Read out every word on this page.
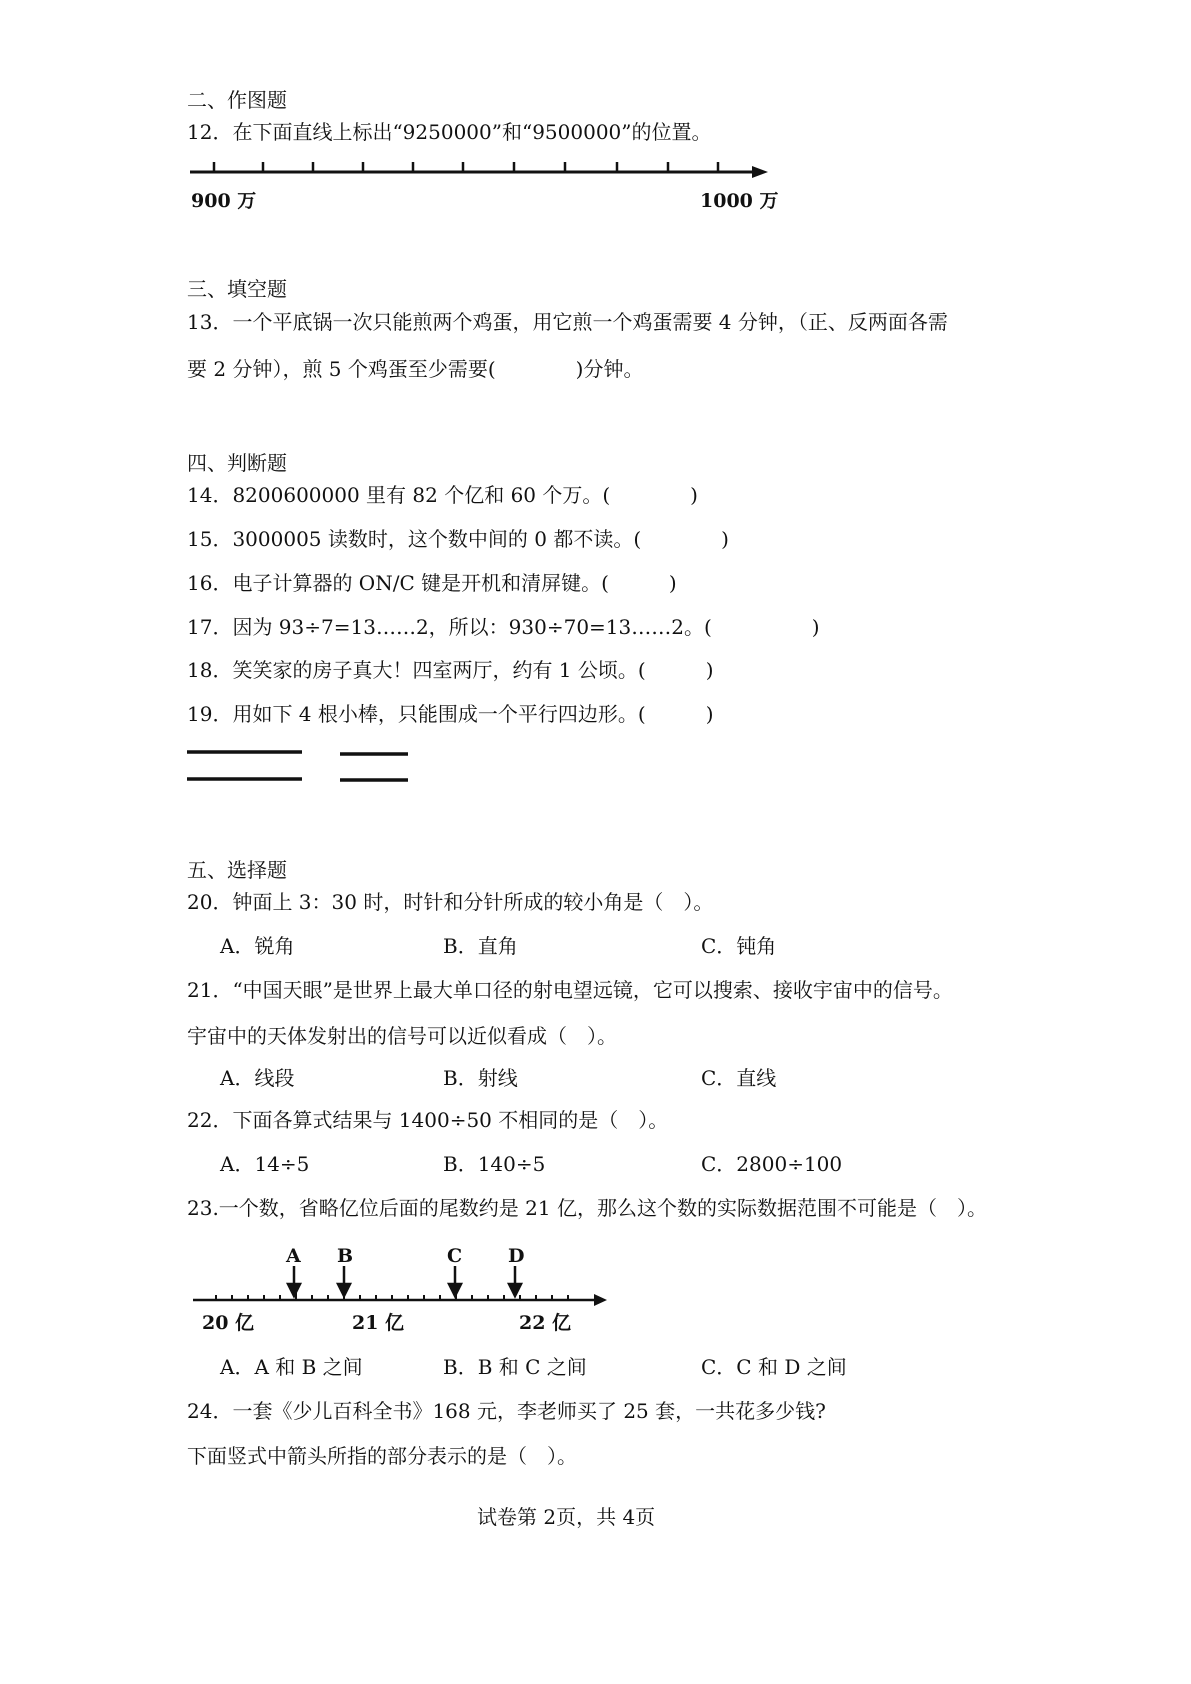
二、作图题
12．在下面直线上标出“9250000”和“9500000”的位置。
900 万	1000 万
三、填空题
13．一个平底锅一次只能煎两个鸡蛋，用它煎一个鸡蛋需要 4 分钟，（正、反两面各需
要 2 分钟），煎 5 个鸡蛋至少需要(　　　　)分钟。
四、判断题
14．8200600000 里有 82 个亿和 60 个万。(　　　　)
15．3000005 读数时，这个数中间的 0 都不读。(　　　　)
16．电子计算器的 ON/C 键是开机和清屏键。(　　　)
17．因为 93÷7=13……2，所以：930÷70=13……2。(　　　　　)
18．笑笑家的房子真大！四室两厅，约有 1 公顷。(　　　)
19．用如下 4 根小棒，只能围成一个平行四边形。(　　　)
五、选择题
20．钟面上 3：30 时，时针和分针所成的较小角是（　）。
A．锐角	B．直角	C．钝角
21．“中国天眼”是世界上最大单口径的射电望远镜，它可以搜索、接收宇宙中的信号。
宇宙中的天体发射出的信号可以近似看成（　）。
A．线段	B．射线	C．直线
22．下面各算式结果与 1400÷50 不相同的是（　）。
A．14÷5	B．140÷5	C．2800÷100
23.一个数，省略亿位后面的尾数约是 21 亿，那么这个数的实际数据范围不可能是（　）。
A B	C D
20 亿	21 亿	22 亿
A．A 和 B 之间	B．B 和 C 之间	C．C 和 D 之间
24．一套《少儿百科全书》168 元，李老师买了 25 套，一共花多少钱?
下面竖式中箭头所指的部分表示的是（　）。
试卷第 2页，共 4页
